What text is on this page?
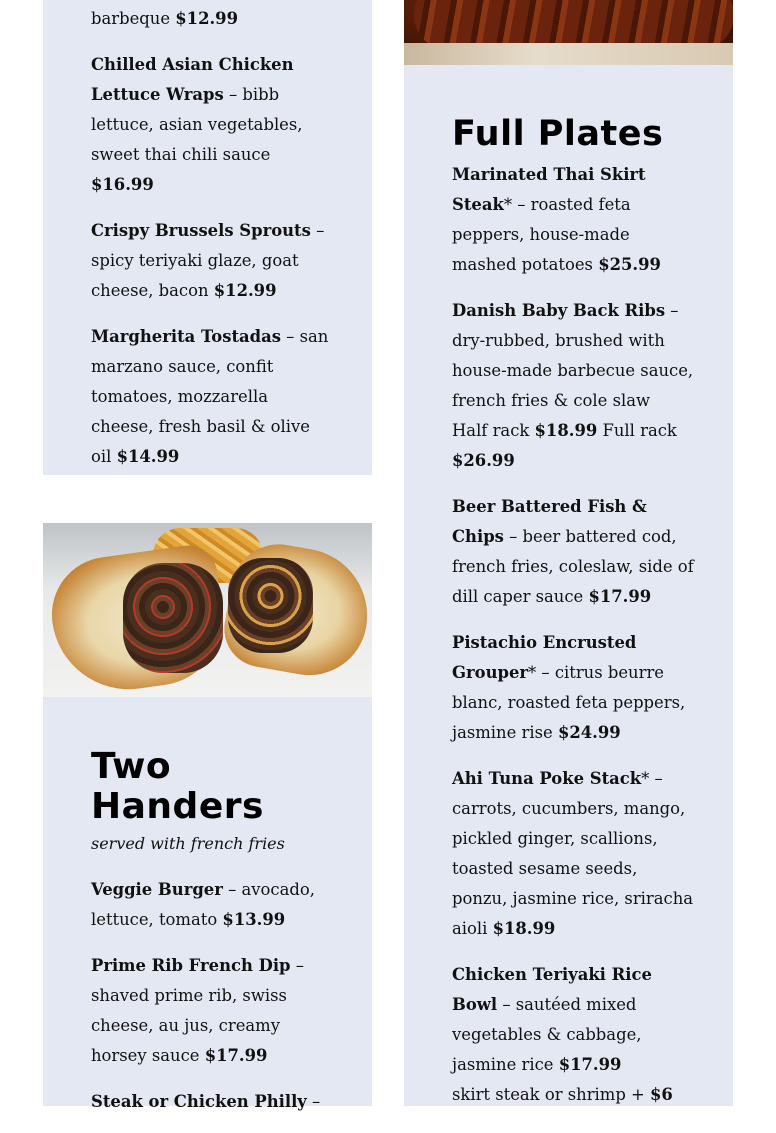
barbeque $12.99

Chilled Asian Chicken Lettuce Wraps – bibb lettuce, asian vegetables, sweet thai chili sauce $16.99

Crispy Brussels Sprouts – spicy teriyaki glaze, goat cheese, bacon $12.99

Margherita Tostadas – san marzano sauce, confit tomatoes, mozzarella cheese, fresh basil & olive oil $14.99

Two
Handers
served with french fries

Veggie Burger – avocado, lettuce, tomato $13.99

Prime Rib French Dip – shaved prime rib, swiss cheese, au jus, creamy horsey sauce $17.99

Steak or Chicken Philly –

Full Plates

Marinated Thai Skirt Steak* – roasted feta peppers, house-made mashed potatoes $25.99

Danish Baby Back Ribs – dry-rubbed, brushed with house-made barbecue sauce, french fries & cole slaw
Half rack $18.99 Full rack $26.99

Beer Battered Fish & Chips – beer battered cod, french fries, coleslaw, side of dill caper sauce $17.99

Pistachio Encrusted Grouper* – citrus beurre blanc, roasted feta peppers, jasmine rise $24.99

Ahi Tuna Poke Stack* – carrots, cucumbers, mango, pickled ginger, scallions, toasted sesame seeds, ponzu, jasmine rice, sriracha aioli $18.99

Chicken Teriyaki Rice Bowl – sautéed mixed vegetables & cabbage, jasmine rice $17.99
skirt steak or shrimp + $6
